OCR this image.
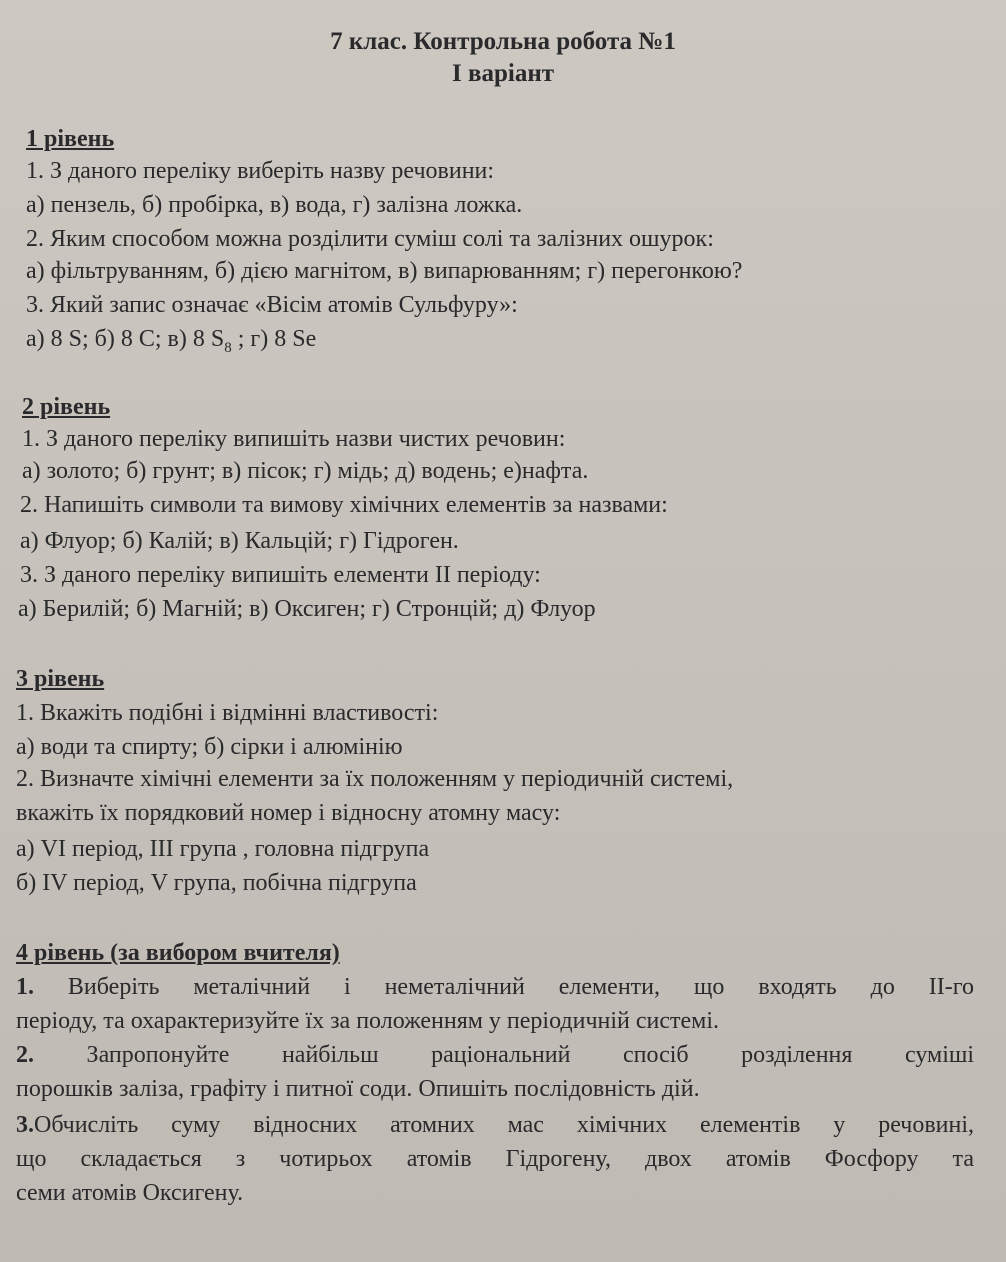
7 клас. Контрольна робота №1
І варіант
1 рівень
1. З даного переліку виберіть назву речовини:
а) пензель, б) пробірка, в) вода, г) залізна ложка.
2. Яким способом можна розділити суміш солі та залізних ошурок:
а) фільтруванням, б) дією магнітом, в) випарюванням; г) перегонкою?
3. Який запис означає «Вісім атомів Сульфуру»:
а) 8 S; б) 8 С; в) 8 $S_8$ ; г) 8 Se
2 рівень
1. З даного переліку випишіть назви чистих речовин:
а) золото; б) грунт; в) пісок; г) мідь; д) водень; е)нафта.
2. Напишіть символи та вимову хімічних елементів за назвами:
а) Флуор; б) Калій; в) Кальцій; г) Гідроген.
3. З даного переліку випишіть елементи II періоду:
а) Берилій; б) Магній; в) Оксиген; г) Стронцій; д) Флуор
3 рівень
1. Вкажіть подібні і відмінні властивості:
а) води та спирту; б) сірки і алюмінію
2. Визначте хімічні елементи за їх положенням у періодичній системі,
вкажіть їх порядковий номер і відносну атомну масу:
а) VI період, III група , головна підгрупа
б) IV період, V група, побічна підгрупа
4 рівень (за вибором вчителя)
1. Виберіть металічний і неметалічний елементи, що входять до II-го
періоду, та охарактеризуйте їх за положенням у періодичній системі.
2. Запропонуйте найбільш раціональний спосіб розділення суміші
порошків заліза, графіту і питної соди. Опишіть послідовність дій.
3.Обчисліть суму відносних атомних мас хімічних елементів у речовині,
що складається з чотирьох атомів Гідрогену, двох атомів Фосфору та
семи атомів Оксигену.
